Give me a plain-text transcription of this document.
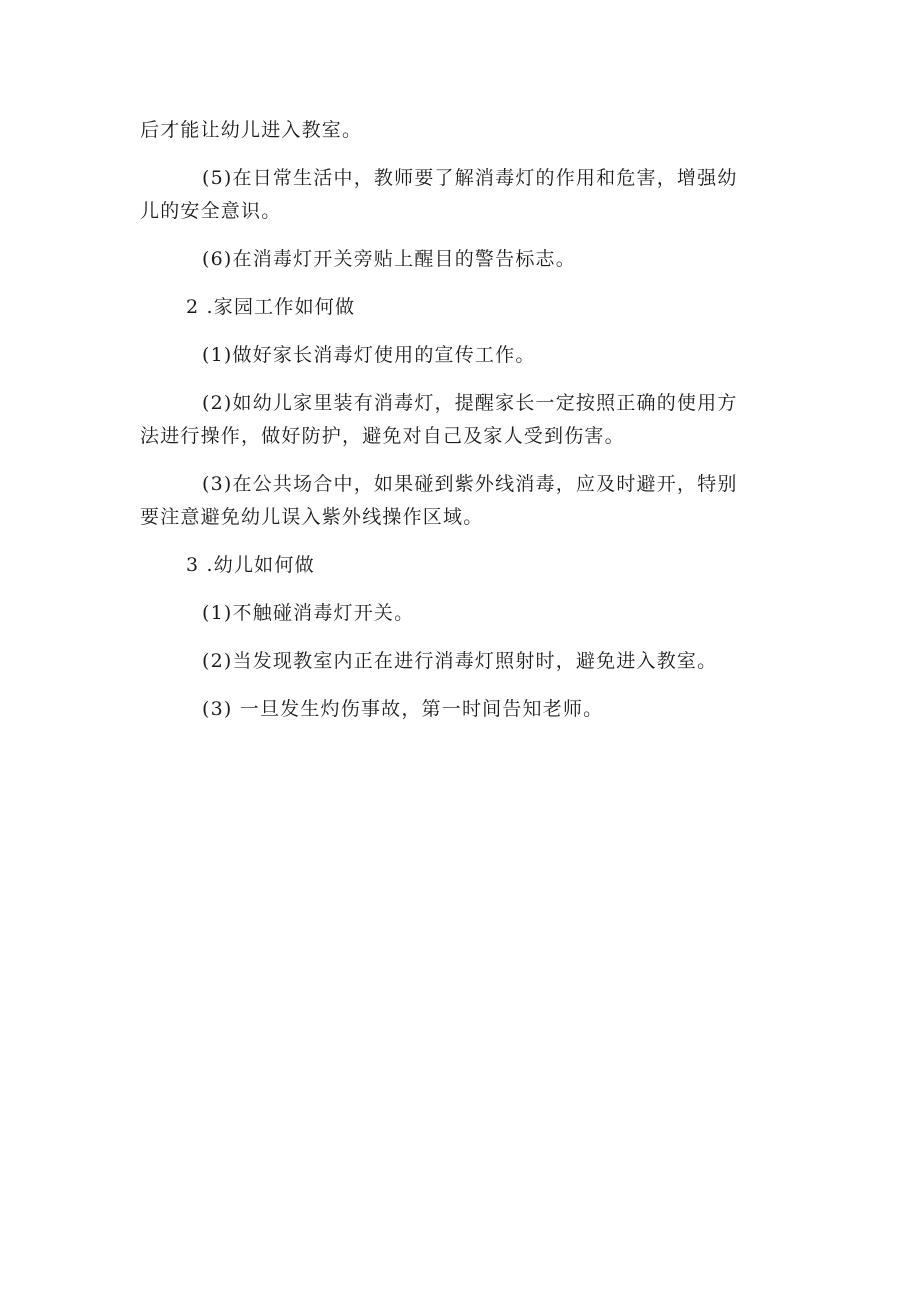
后才能让幼儿进入教室。
(5)在日常生活中，教师要了解消毒灯的作用和危害，增强幼
儿的安全意识。
(6)在消毒灯开关旁贴上醒目的警告标志。
2 .家园工作如何做
(1)做好家长消毒灯使用的宣传工作。
(2)如幼儿家里装有消毒灯，提醒家长一定按照正确的使用方
法进行操作，做好防护，避免对自己及家人受到伤害。
(3)在公共场合中，如果碰到紫外线消毒，应及时避开，特别
要注意避免幼儿误入紫外线操作区域。
3 .幼儿如何做
(1)不触碰消毒灯开关。
(2)当发现教室内正在进行消毒灯照射时，避免进入教室。
(3) 一旦发生灼伤事故，第一时间告知老师。
